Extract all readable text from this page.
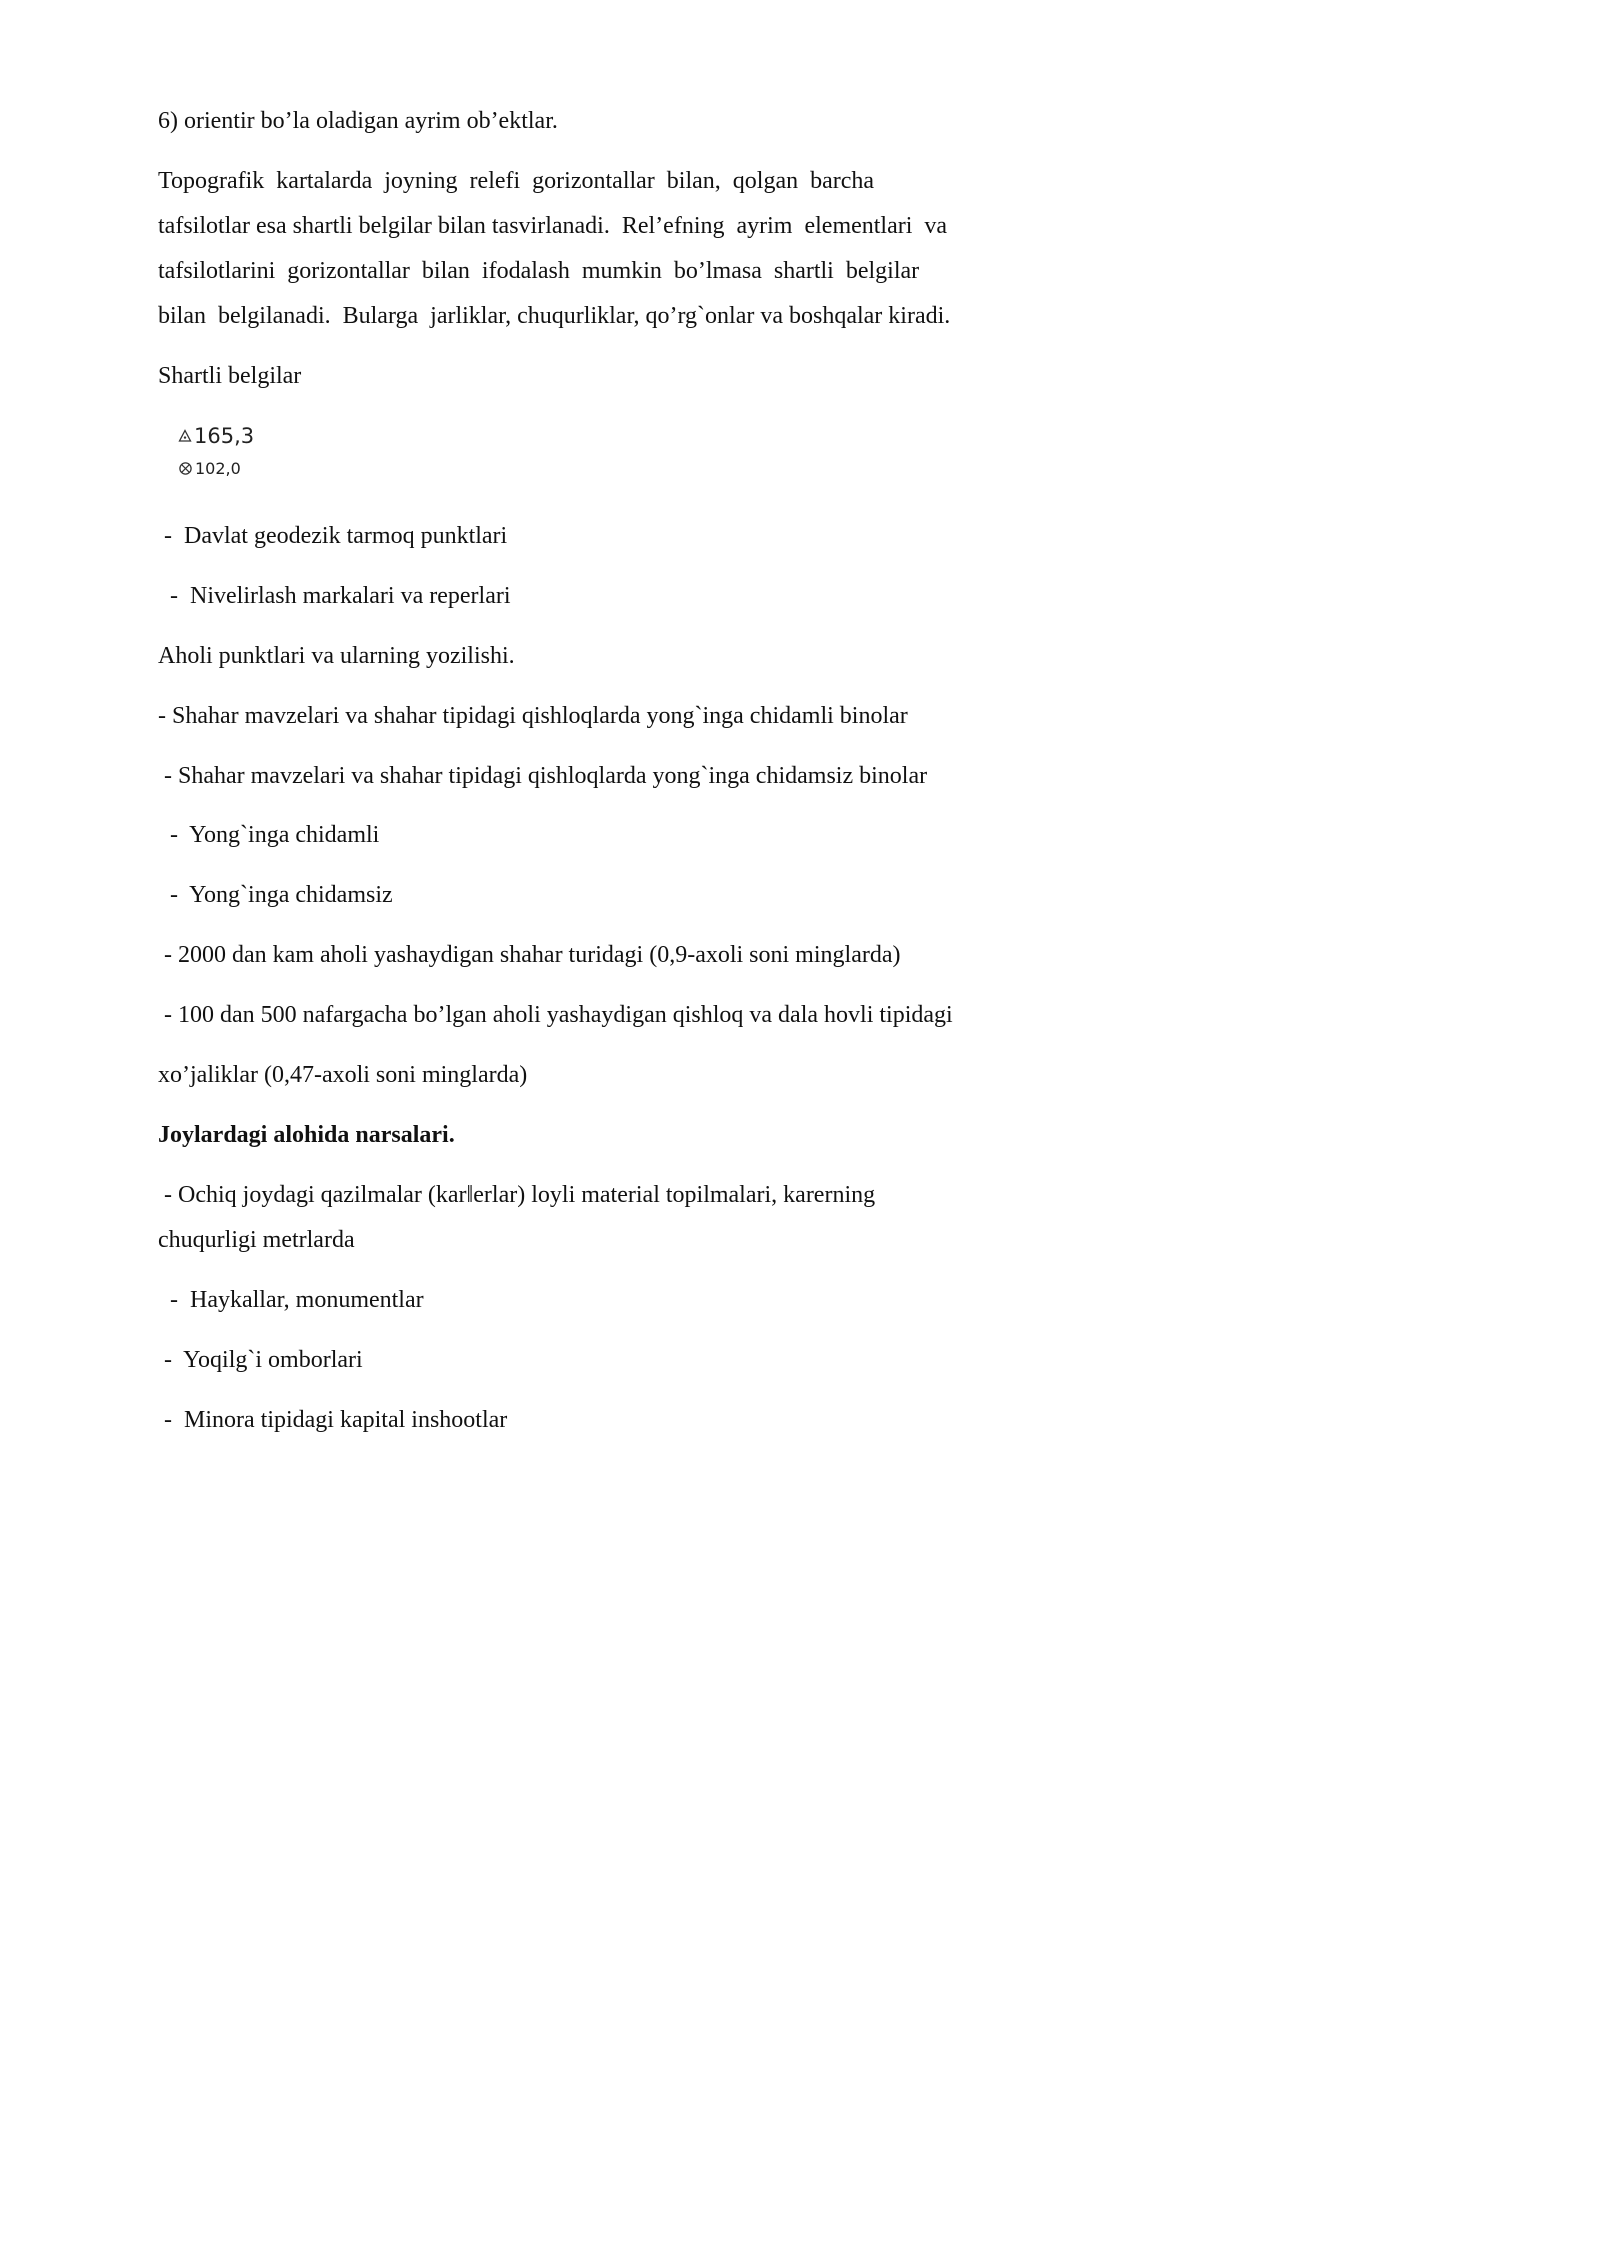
6) orientir bo’la oladigan ayrim ob’ektlar.

Topografik  kartalarda  joyning  relefi  gorizontallar  bilan,  qolgan  barcha

tafsilotlar esa shartli belgilar bilan tasvirlanadi.  Rel’efning  ayrim  elementlari  va

tafsilotlarini  gorizontallar  bilan  ifodalash  mumkin  bo’lmasa  shartli  belgilar

bilan  belgilanadi.  Bularga  jarliklar, chuqurliklar, qo’rg`onlar va boshqalar kiradi.

Shartli belgilar

165,3
102,0

-  Davlat geodezik tarmoq punktlari

-  Nivelirlash markalari va reperlari

Aholi punktlari va ularning yozilishi.

- Shahar mavzelari va shahar tipidagi qishloqlarda yong`inga chidamli binolar

- Shahar mavzelari va shahar tipidagi qishloqlarda yong`inga chidamsiz binolar

-  Yong`inga chidamli

-  Yong`inga chidamsiz

- 2000 dan kam aholi yashaydigan shahar turidagi (0,9-axoli soni minglarda)

- 100 dan 500 nafargacha bo’lgan aholi yashaydigan qishloq va dala hovli tipidagi

xo’jaliklar (0,47-axoli soni minglarda)

Joylardagi alohida narsalari.

- Ochiq joydagi qazilmalar (kar‖erlar) loyli material topilmalari, karerning

chuqurligi metrlarda

-  Haykallar, monumentlar

-  Yoqilg`i omborlari

-  Minora tipidagi kapital inshootlar
